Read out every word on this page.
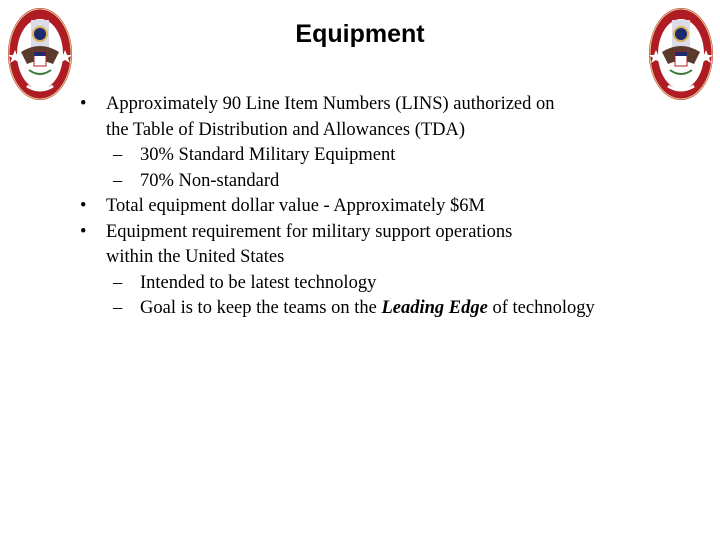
Equipment
• Approximately 90 Line Item Numbers (LINS) authorized on
the Table of Distribution and Allowances (TDA)
– 30% Standard Military Equipment
– 70% Non-standard
• Total equipment dollar value - Approximately $6M
• Equipment requirement for military support operations
within the United States
– Intended to be latest technology
– Goal is to keep the teams on the Leading Edge of technology
